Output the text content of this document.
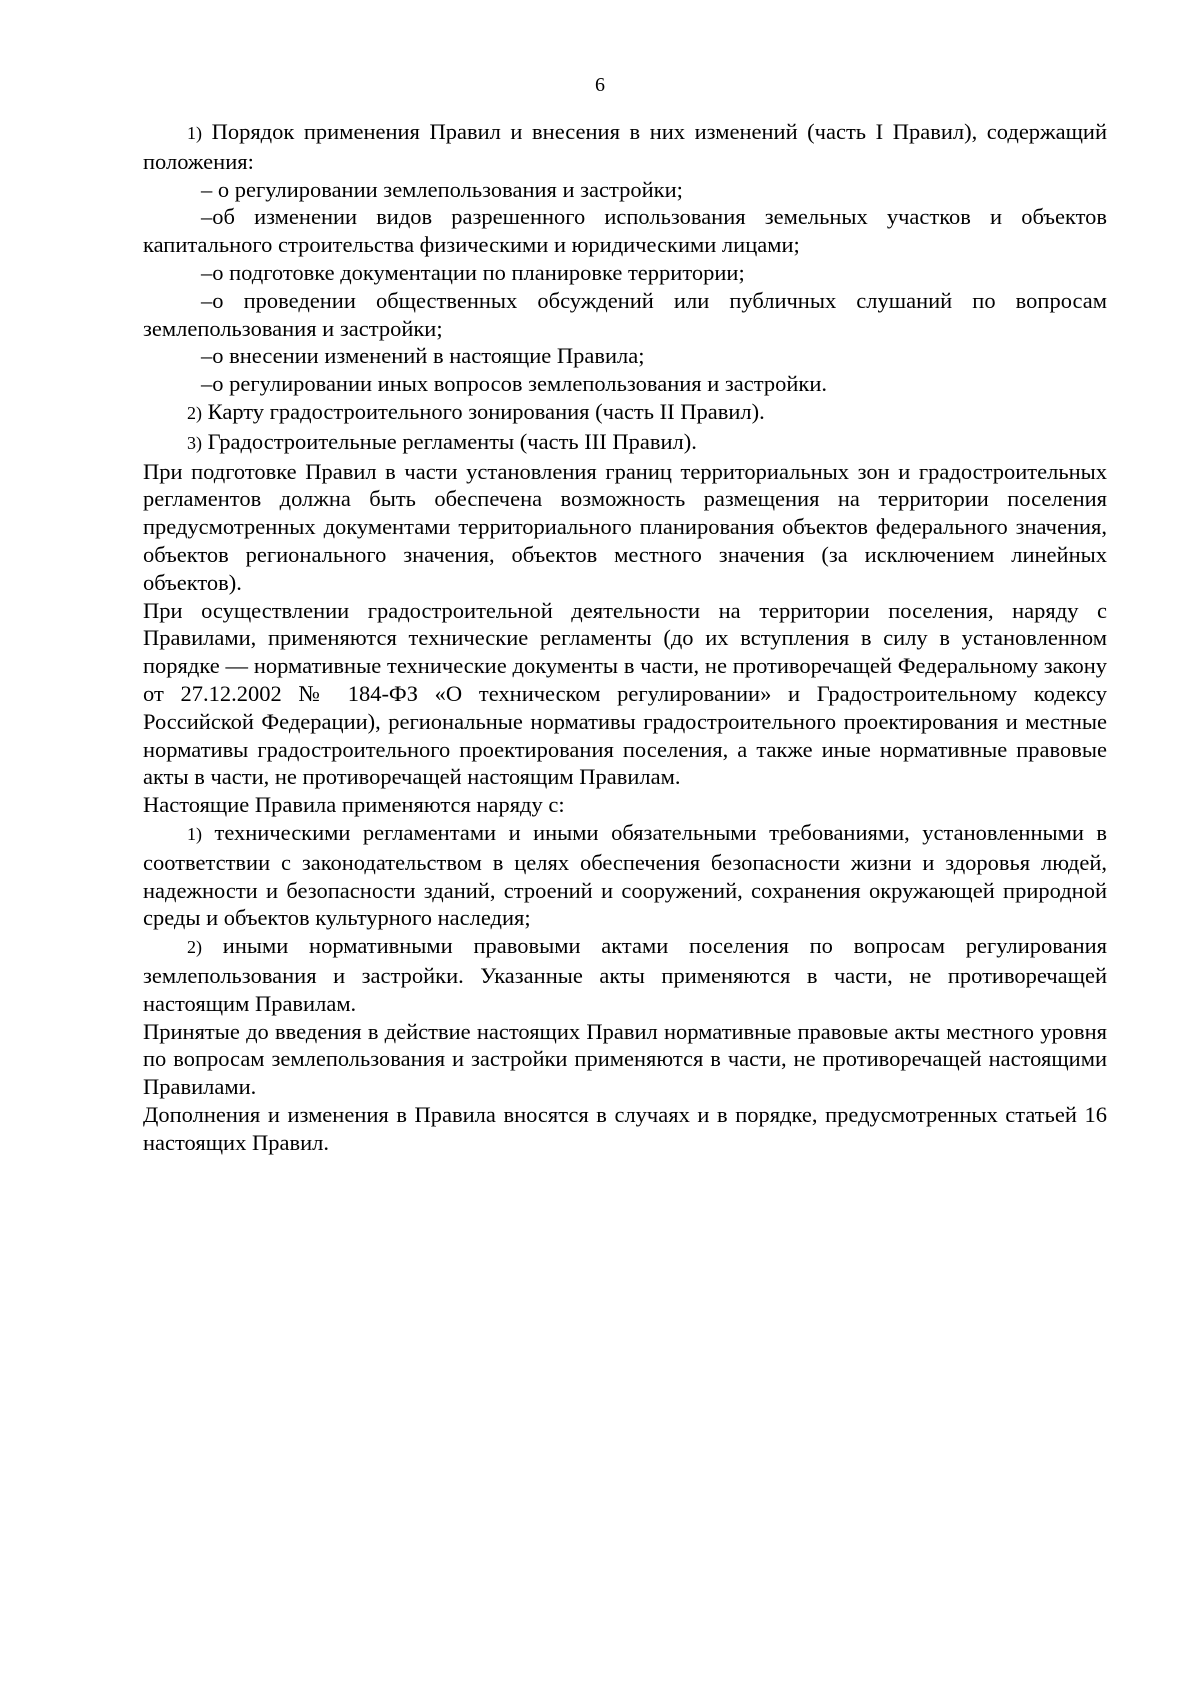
6

1) Порядок применения Правил и внесения в них изменений (часть I Правил), содержащий положения:

– о регулировании землепользования и застройки;

–об изменении видов разрешенного использования земельных участков и объектов капитального строительства физическими и юридическими лицами;

–о подготовке документации по планировке территории;

–о проведении общественных обсуждений или публичных слушаний по вопросам землепользования и застройки;

–о внесении изменений в настоящие Правила;

–о регулировании иных вопросов землепользования и застройки.

2) Карту градостроительного зонирования (часть II Правил).

3) Градостроительные регламенты (часть III Правил).

При подготовке Правил в части установления границ территориальных зон и градостроительных регламентов должна быть обеспечена возможность размещения на территории поселения предусмотренных документами территориального планирования объектов федерального значения, объектов регионального значения, объектов местного значения (за исключением линейных объектов).

При осуществлении градостроительной деятельности на территории поселения, наряду с Правилами, применяются технические регламенты (до их вступления в силу в установленном порядке — нормативные технические документы в части, не противоречащей Федеральному закону от 27.12.2002 № 184-ФЗ «О техническом регулировании» и Градостроительному кодексу Российской Федерации), региональные нормативы градостроительного проектирования и местные нормативы градостроительного проектирования поселения, а также иные нормативные правовые акты в части, не противоречащей настоящим Правилам.

Настоящие Правила применяются наряду с:

1) техническими регламентами и иными обязательными требованиями, установленными в соответствии с законодательством в целях обеспечения безопасности жизни и здоровья людей, надежности и безопасности зданий, строений и сооружений, сохранения окружающей природной среды и объектов культурного наследия;

2) иными нормативными правовыми актами поселения по вопросам регулирования землепользования и застройки. Указанные акты применяются в части, не противоречащей настоящим Правилам.

Принятые до введения в действие настоящих Правил нормативные правовые акты местного уровня по вопросам землепользования и застройки применяются в части, не противоречащей настоящими Правилами.

Дополнения и изменения в Правила вносятся в случаях и в порядке, предусмотренных статьей 16 настоящих Правил.
